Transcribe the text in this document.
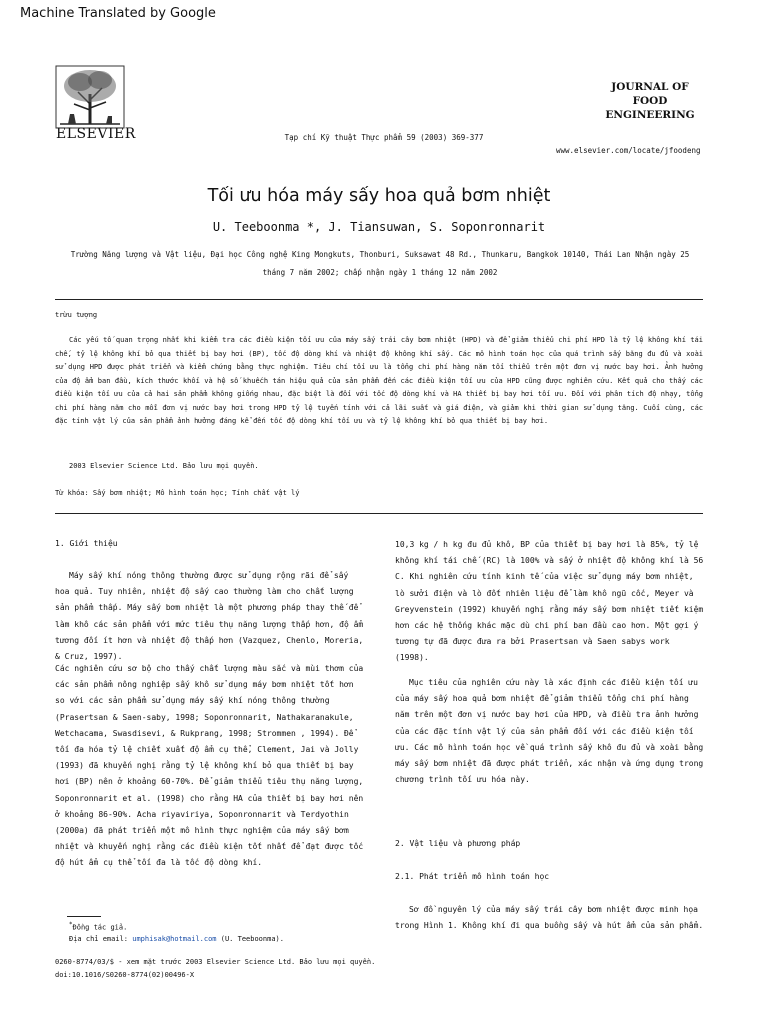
Machine Translated by Google
ELSEVIER	Tạp chí Kỹ thuật Thực phẩm 59 (2003) 369-377
JOURNAL OF
FOOD
ENGINEERING
www.elsevier.com/locate/jfoodeng
Tối ưu hóa máy sấy hoa quả bơm nhiệt
U. Teeboonma *, J. Tiansuwan, S. Soponronnarit
Trường Năng lượng và Vật liệu, Đại học Công nghệ King Mongkuts, Thonburi, Suksawat 48 Rd., Thunkaru, Bangkok 10140, Thái Lan Nhận ngày 25
tháng 7 năm 2002; chấp nhận ngày 1 tháng 12 năm 2002
trừu tượng

Các yếu tố quan trọng nhất khi kiểm tra các điều kiện tối ưu của máy sấy trái cây bơm nhiệt (HPD) và để giảm thiểu chi phí HPD là tỷ lệ không khí tái chế, tỷ lệ không khí bỏ qua thiết bị bay hơi (BP), tốc độ dòng khí và nhiệt độ không khí sấy. Các mô hình toán học của quá trình sấy băng đu đủ và xoài sử dụng HPD được phát triển và kiểm chứng bằng thực nghiệm. Tiêu chí tối ưu là tổng chi phí hàng năm tối thiểu trên một đơn vị nước bay hơi. Ảnh hưởng của độ ẩm ban đầu, kích thước khối và hệ số khuếch tán hiệu quả của sản phẩm đến các điều kiện tối ưu của HPD cũng được nghiên cứu. Kết quả cho thấy các điều kiện tối ưu của cả hai sản phẩm không giống nhau, đặc biệt là đối với tốc độ dòng khí và HA thiết bị bay hơi tối ưu. Đối với phân tích độ nhạy, tổng chi phí hàng năm cho mỗi đơn vị nước bay hơi trong HPD tỷ lệ tuyến tính với cả lãi suất và giá điện, và giảm khi thời gian sử dụng tăng. Cuối cùng, các đặc tính vật lý của sản phẩm ảnh hưởng đáng kể đến tốc độ dòng khí tối ưu và tỷ lệ không khí bỏ qua thiết bị bay hơi.

2003 Elsevier Science Ltd. Bảo lưu mọi quyền.
Từ khóa: Sấy bơm nhiệt; Mô hình toán học; Tính chất vật lý
1. Giới thiệu

Máy sấy khí nóng thông thường được sử dụng rộng rãi để sấy hoa quả. Tuy nhiên, nhiệt độ sấy cao thường làm cho chất lượng sản phẩm thấp. Máy sấy bơm nhiệt là một phương pháp thay thế để làm khô các sản phẩm với mức tiêu thụ năng lượng thấp hơn, độ ẩm tương đối ít hơn và nhiệt độ thấp hơn (Vazquez, Chenlo, Moreria, & Cruz, 1997).

Các nghiên cứu sơ bộ cho thấy chất lượng màu sắc và mùi thơm của các sản phẩm nông nghiệp sấy khô sử dụng máy bơm nhiệt tốt hơn so với các sản phẩm sử dụng máy sấy khí nóng thông thường (Prasertsan & Saen-saby, 1998; Soponronnarit, Nathakaranakule, Wetchacama, Swasdisevi, & Rukprang, 1998; Strommen , 1994). Để tối đa hóa tỷ lệ chiết xuất độ ẩm cụ thể, Clement, Jai và Jolly (1993) đã khuyến nghị rằng tỷ lệ không khí bỏ qua thiết bị bay hơi (BP) nên ở khoảng 60-70%. Để giảm thiểu tiêu thụ năng lượng, Soponronnarit et al. (1998) cho rằng HA của thiết bị bay hơi nên ở khoảng 86-90%. Acha riyaviriya, Soponronnarit và Terdyothin (2000a) đã phát triển một mô hình thực nghiệm của máy sấy bơm nhiệt và khuyến nghị rằng các điều kiện tốt nhất để đạt được tốc độ hút ẩm cụ thể tối đa là tốc độ dòng khí.

*Đồng tác giả.
Địa chỉ email: umphisak@hotmail.com (U. Teeboonma).
0260-8774/03/$ - xem mặt trước 2003 Elsevier Science Ltd. Bảo lưu mọi quyền.
doi:10.1016/S0260-8774(02)00496-X

10,3 kg / h kg đu đủ khô, BP của thiết bị bay hơi là 85%, tỷ lệ không khí tái chế (RC) là 100% và sấy ở nhiệt độ không khí là 56 C. Khi nghiên cứu tính kinh tế của việc sử dụng máy bơm nhiệt, lò sưởi điện và lò đốt nhiên liệu để làm khô ngũ cốc, Meyer và Greyvenstein (1992) khuyến nghị rằng máy sấy bơm nhiệt tiết kiệm hơn các hệ thống khác mặc dù chi phí ban đầu cao hơn. Một gợi ý tương tự đã được đưa ra bởi Prasertsan và Saen sabys work (1998).

Mục tiêu của nghiên cứu này là xác định các điều kiện tối ưu của máy sấy hoa quả bơm nhiệt để giảm thiểu tổng chi phí hàng năm trên một đơn vị nước bay hơi của HPD, và điều tra ảnh hưởng của các đặc tính vật lý của sản phẩm đối với các điều kiện tối ưu. Các mô hình toán học về quá trình sấy khô đu đủ và xoài bằng máy sấy bơm nhiệt đã được phát triển, xác nhận và ứng dụng trong chương trình tối ưu hóa này.

2. Vật liệu và phương pháp
2.1. Phát triển mô hình toán học

Sơ đồ nguyên lý của máy sấy trái cây bơm nhiệt được minh họa trong Hình 1. Không khí đi qua buồng sấy và hút ẩm của sản phẩm.
